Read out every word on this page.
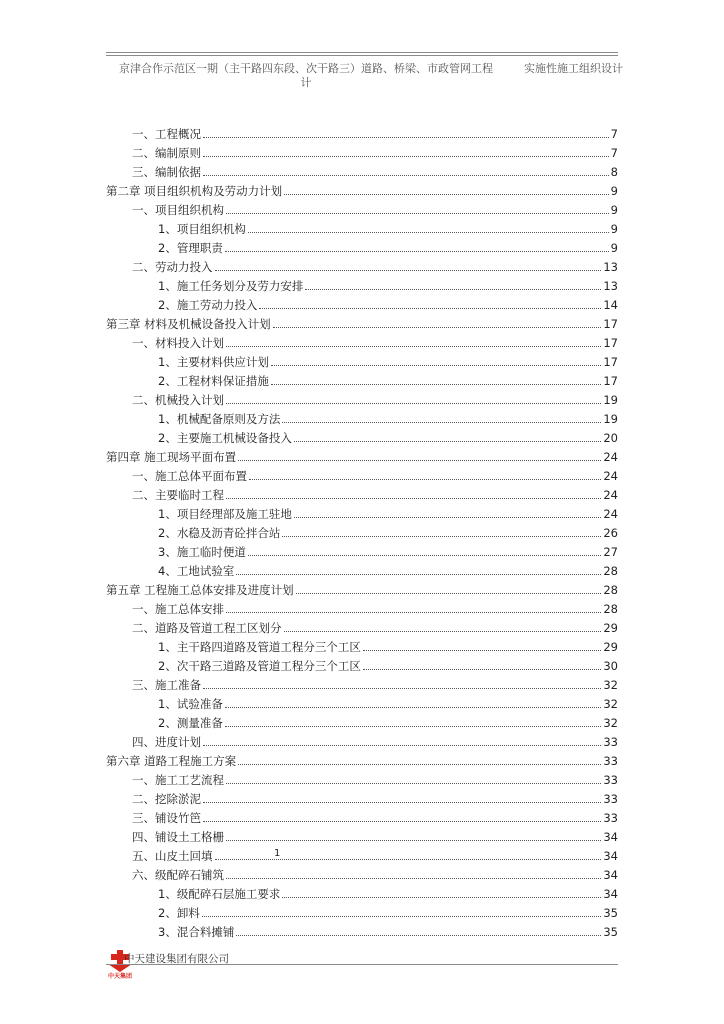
京津合作示范区一期（主干路四东段、次干路三）道路、桥梁、市政管网工程
计
实施性施工组织设计
一、工程概况	7
二、编制原则	7
三、编制依据	8
第二章 项目组织机构及劳动力计划	9
一、项目组织机构	9
1、项目组织机构	9
2、管理职责	9
二、劳动力投入	13
1、施工任务划分及劳力安排	13
2、施工劳动力投入	14
第三章 材料及机械设备投入计划	17
一、材料投入计划	17
1、主要材料供应计划	17
2、工程材料保证措施	17
二、机械投入计划	19
1、机械配备原则及方法	19
2、主要施工机械设备投入	20
第四章 施工现场平面布置	24
一、施工总体平面布置	24
二、主要临时工程	24
1、项目经理部及施工驻地	24
2、水稳及沥青砼拌合站	26
3、施工临时便道	27
4、工地试验室	28
第五章 工程施工总体安排及进度计划	28
一、施工总体安排	28
二、道路及管道工程工区划分	29
1、主干路四道路及管道工程分三个工区	29
2、次干路三道路及管道工程分三个工区	30
三、施工准备	32
1、试验准备	32
2、测量准备	32
四、进度计划	33
第六章 道路工程施工方案	33
一、施工工艺流程	33
二、挖除淤泥	33
三、铺设竹笆	33
四、铺设土工格栅	34
五、山皮土回填	34
六、级配碎石铺筑	34
1、级配碎石层施工要求	34
2、卸料	35
3、混合料摊铺	35
1
中天集团
中天建设集团有限公司
